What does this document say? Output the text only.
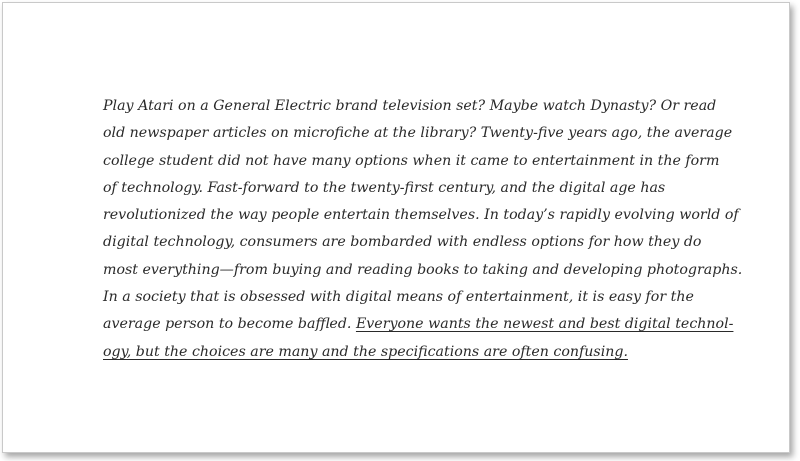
Play Atari on a General Electric brand television set? Maybe watch Dynasty? Or read
old newspaper articles on microfiche at the library? Twenty-five years ago, the average
college student did not have many options when it came to entertainment in the form
of technology. Fast-forward to the twenty-first century, and the digital age has
revolutionized the way people entertain themselves. In today’s rapidly evolving world of
digital technology, consumers are bombarded with endless options for how they do
most everything—from buying and reading books to taking and developing photographs.
In a society that is obsessed with digital means of entertainment, it is easy for the
average person to become baffled. Everyone wants the newest and best digital technol-
ogy, but the choices are many and the specifications are often confusing.
